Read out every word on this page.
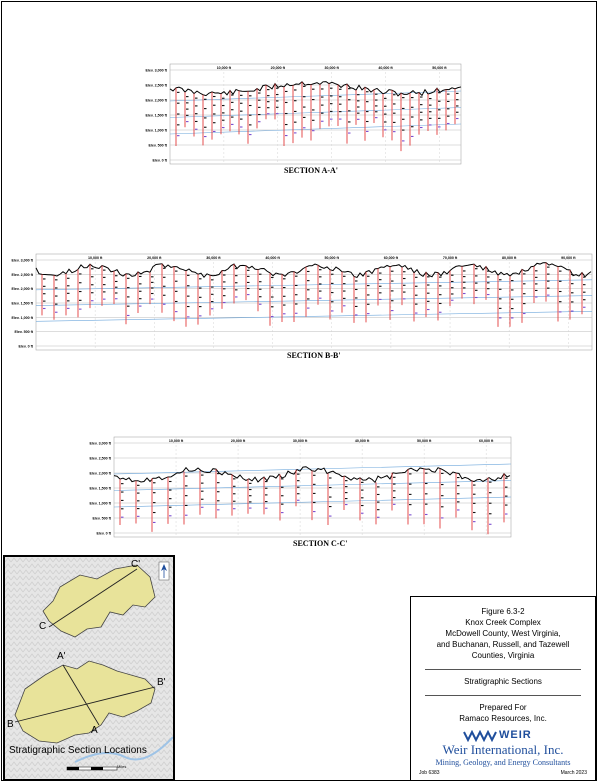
Elev. 3,000 ft
Elev. 2,500 ft
Elev. 2,000 ft
Elev. 1,500 ft
Elev. 1,000 ft
Elev. 500 ft
Elev. 0 ft
10,000 ft	20,000 ft	30,000 ft	40,000 ft	50,000 ft
SECTION A-A'
Elev. 3,000 ft
Elev. 2,500 ft
Elev. 2,000 ft
Elev. 1,500 ft
Elev. 1,000 ft
Elev. 500 ft
Elev. 0 ft
10,000 ft	20,000 ft	30,000 ft	40,000 ft	50,000 ft	60,000 ft	70,000 ft	80,000 ft	90,000 ft
SECTION B-B'
Elev. 3,000 ft
Elev. 2,500 ft
Elev. 2,000 ft
Elev. 1,500 ft
Elev. 1,000 ft
Elev. 500 ft
Elev. 0 ft
10,000 ft	20,000 ft	30,000 ft	40,000 ft	50,000 ft	60,000 ft
SECTION C-C'
C'
C
A'
B'
B
A
Stratigraphic Section Locations
Miles
Figure 6.3-2
Knox Creek Complex
McDowell County, West Virginia,
and Buchanan, Russell, and Tazewell
Counties, Virginia
Stratigraphic Sections
Prepared For
Ramaco Resources, Inc.
WEIR
Weir International, Inc.
Mining, Geology, and Energy Consultants
Job 6383	March 2023
